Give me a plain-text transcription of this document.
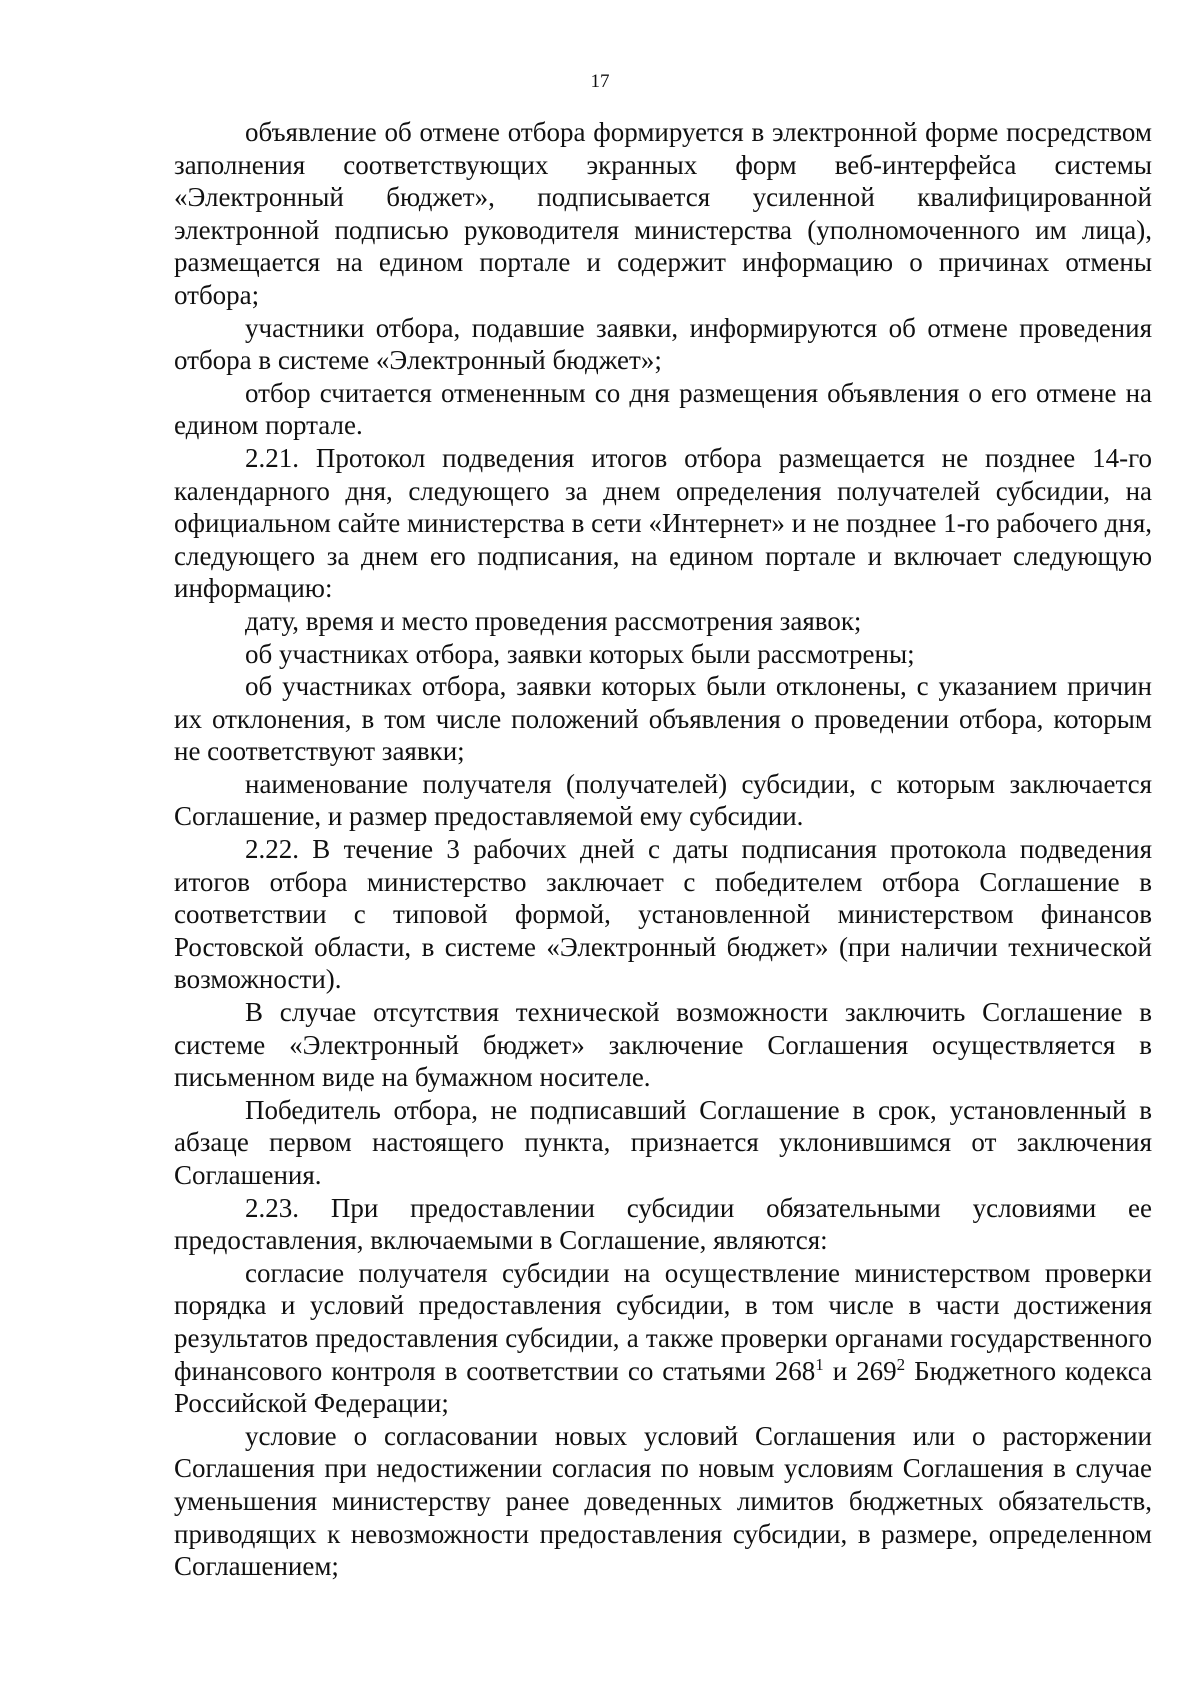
17

объявление об отмене отбора формируется в электронной форме посредством заполнения соответствующих экранных форм веб-интерфейса системы «Электронный бюджет», подписывается усиленной квалифицированной электронной подписью руководителя министерства (уполномоченного им лица), размещается на едином портале и содержит информацию о причинах отмены отбора;

участники отбора, подавшие заявки, информируются об отмене проведения отбора в системе «Электронный бюджет»;

отбор считается отмененным со дня размещения объявления о его отмене на едином портале.

2.21. Протокол подведения итогов отбора размещается не позднее 14-го календарного дня, следующего за днем определения получателей субсидии, на официальном сайте министерства в сети «Интернет» и не позднее 1-го рабочего дня, следующего за днем его подписания, на едином портале и включает следующую информацию:

дату, время и место проведения рассмотрения заявок;

об участниках отбора, заявки которых были рассмотрены;

об участниках отбора, заявки которых были отклонены, с указанием причин их отклонения, в том числе положений объявления о проведении отбора, которым не соответствуют заявки;

наименование получателя (получателей) субсидии, с которым заключается Соглашение, и размер предоставляемой ему субсидии.

2.22. В течение 3 рабочих дней с даты подписания протокола подведения итогов отбора министерство заключает с победителем отбора Соглашение в соответствии с типовой формой, установленной министерством финансов Ростовской области, в системе «Электронный бюджет» (при наличии технической возможности).

В случае отсутствия технической возможности заключить Соглашение в системе «Электронный бюджет» заключение Соглашения осуществляется в письменном виде на бумажном носителе.

Победитель отбора, не подписавший Соглашение в срок, установленный в абзаце первом настоящего пункта, признается уклонившимся от заключения Соглашения.

2.23. При предоставлении субсидии обязательными условиями ее предоставления, включаемыми в Соглашение, являются:

согласие получателя субсидии на осуществление министерством проверки порядка и условий предоставления субсидии, в том числе в части достижения результатов предоставления субсидии, а также проверки органами государственного финансового контроля в соответствии со статьями $268^1$ и $269^2$ Бюджетного кодекса Российской Федерации;

условие о согласовании новых условий Соглашения или о расторжении Соглашения при недостижении согласия по новым условиям Соглашения в случае уменьшения министерству ранее доведенных лимитов бюджетных обязательств, приводящих к невозможности предоставления субсидии, в размере, определенном Соглашением;
